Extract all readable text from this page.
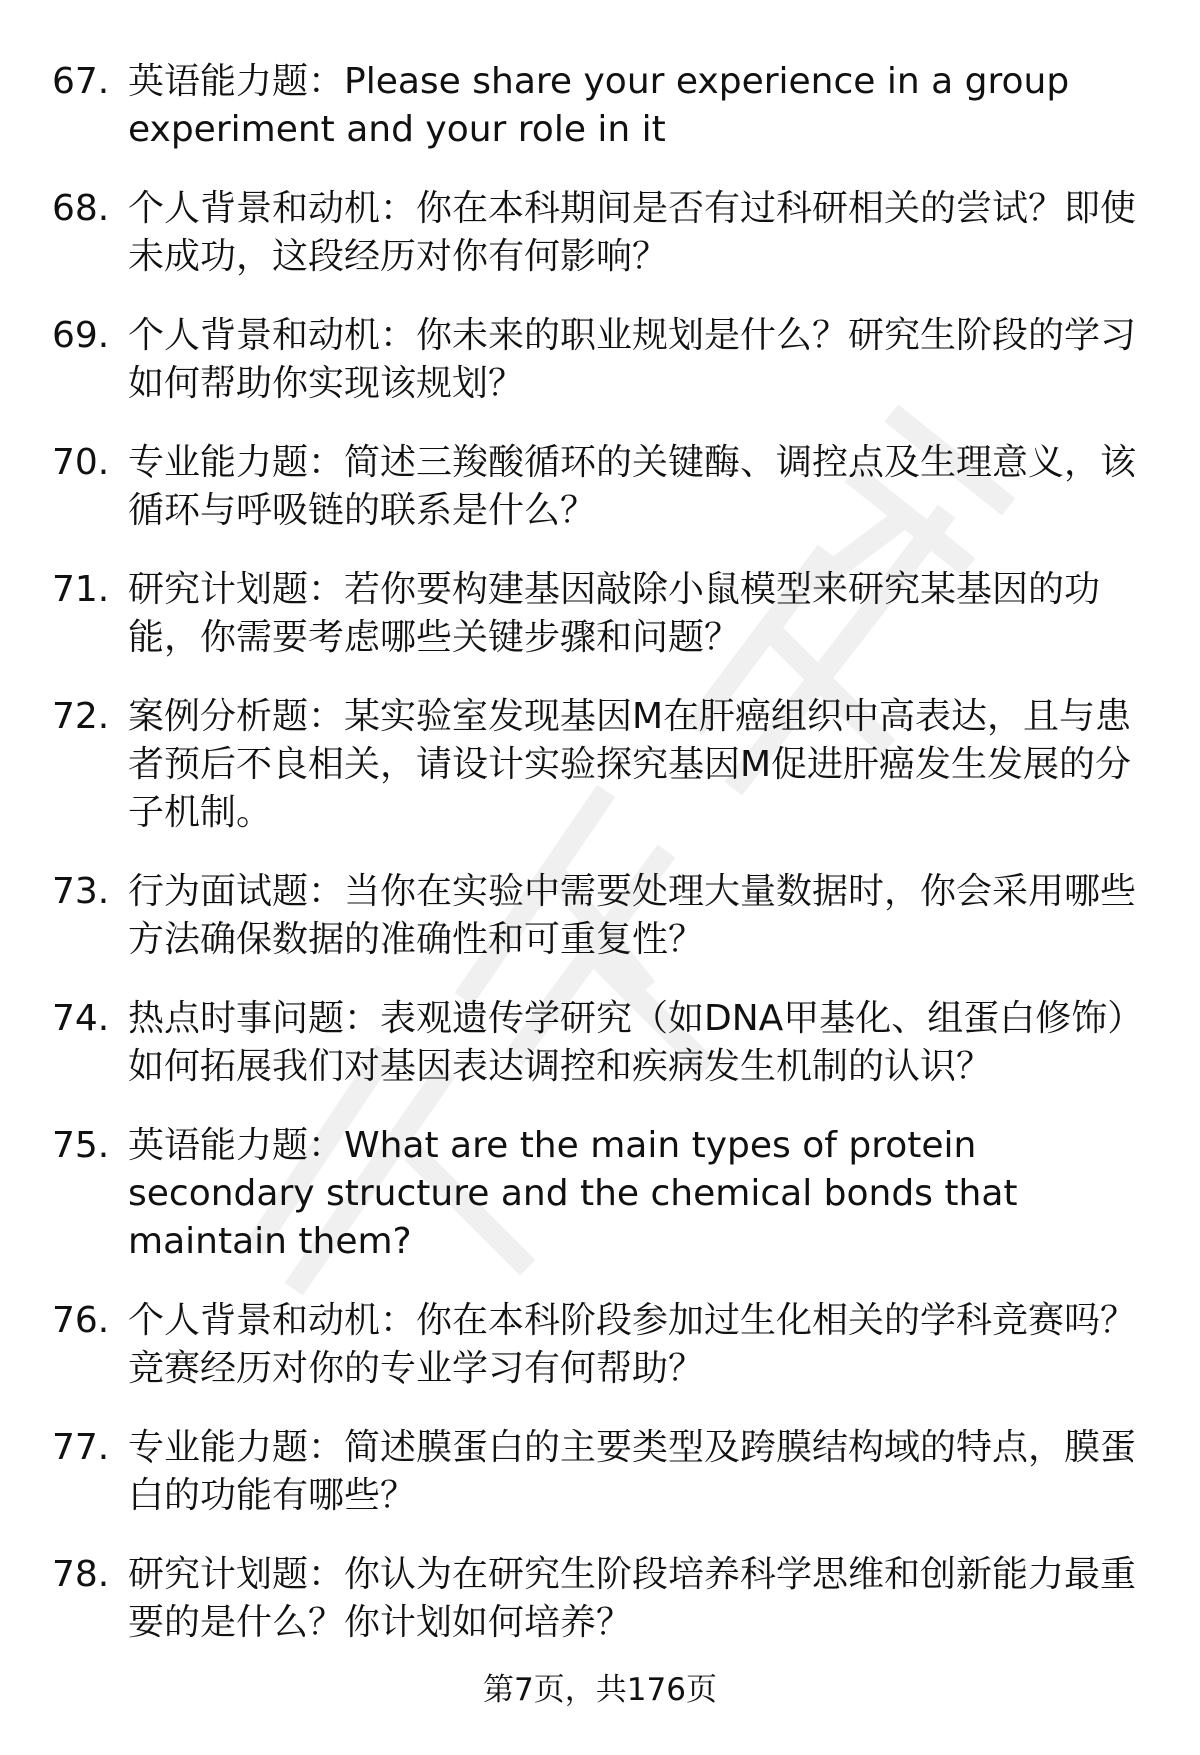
67. 英语能力题：Please share your experience in a group experiment and your role in it
68. 个人背景和动机：你在本科期间是否有过科研相关的尝试？即使未成功，这段经历对你有何影响？
69. 个人背景和动机：你未来的职业规划是什么？研究生阶段的学习如何帮助你实现该规划？
70. 专业能力题：简述三羧酸循环的关键酶、调控点及生理意义，该循环与呼吸链的联系是什么？
71. 研究计划题：若你要构建基因敲除小鼠模型来研究某基因的功能，你需要考虑哪些关键步骤和问题？
72. 案例分析题：某实验室发现基因M在肝癌组织中高表达，且与患者预后不良相关，请设计实验探究基因M促进肝癌发生发展的分子机制。
73. 行为面试题：当你在实验中需要处理大量数据时，你会采用哪些方法确保数据的准确性和可重复性？
74. 热点时事问题：表观遗传学研究（如DNA甲基化、组蛋白修饰）如何拓展我们对基因表达调控和疾病发生机制的认识？
75. 英语能力题：What are the main types of protein secondary structure and the chemical bonds that maintain them?
76. 个人背景和动机：你在本科阶段参加过生化相关的学科竞赛吗？竞赛经历对你的专业学习有何帮助？
77. 专业能力题：简述膜蛋白的主要类型及跨膜结构域的特点，膜蛋白的功能有哪些？
78. 研究计划题：你认为在研究生阶段培养科学思维和创新能力最重要的是什么？你计划如何培养？
第7页，共176页
